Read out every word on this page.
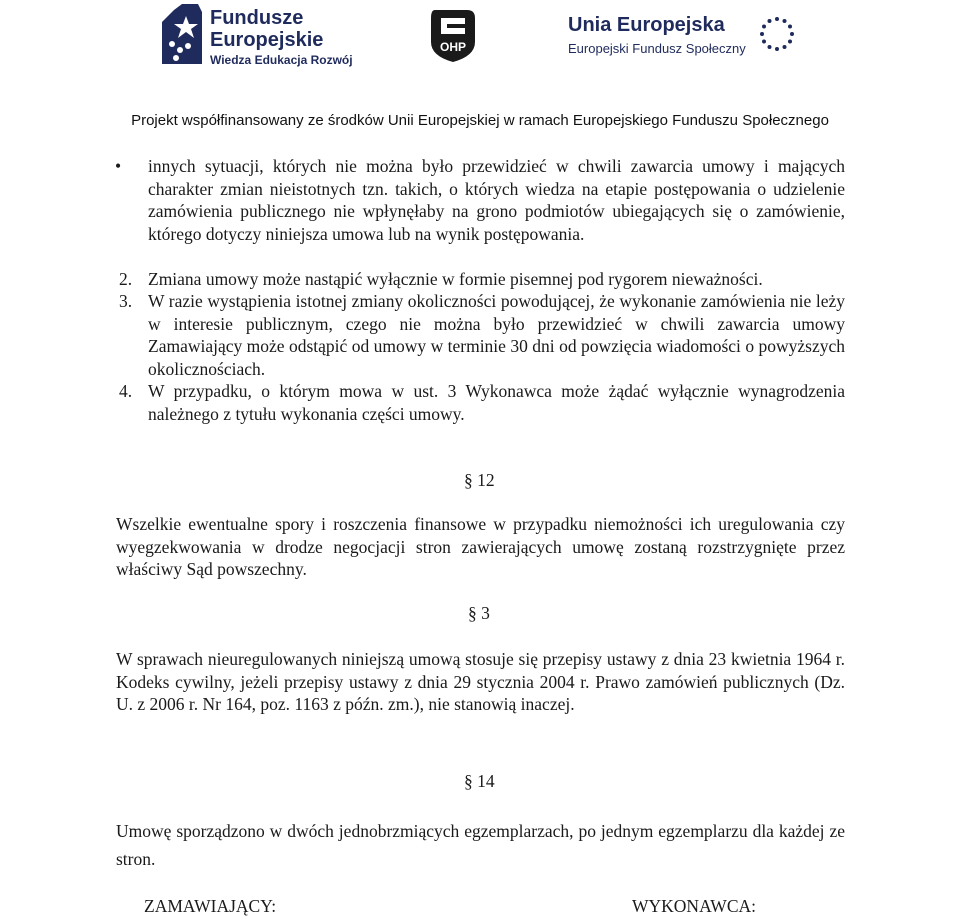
Fundusze
Europejskie
Wiedza Edukacja Rozwój
OHP
Unia Europejska
Europejski Fundusz Społeczny
Projekt współfinansowany ze środków Unii Europejskiej w ramach Europejskiego Funduszu Społecznego
•	innych sytuacji, których nie można było przewidzieć w chwili zawarcia umowy i mających charakter zmian nieistotnych tzn. takich, o których wiedza na etapie postępowania o udzielenie zamówienia publicznego nie wpłynęłaby na grono podmiotów ubiegających się o zamówienie, którego dotyczy niniejsza umowa lub na wynik postępowania.
2. Zmiana umowy może nastąpić wyłącznie w formie pisemnej pod rygorem nieważności.
3. W razie wystąpienia istotnej zmiany okoliczności powodującej, że wykonanie zamówienia nie leży w interesie publicznym, czego nie można było przewidzieć w chwili zawarcia umowy Zamawiający może odstąpić od umowy w terminie 30 dni od powzięcia wiadomości o powyższych okolicznościach.
4. W przypadku, o którym mowa w ust. 3 Wykonawca może żądać wyłącznie wynagrodzenia należnego z tytułu wykonania części umowy.
§ 12
Wszelkie ewentualne spory i roszczenia finansowe w przypadku niemożności ich uregulowania czy wyegzekwowania w drodze negocjacji stron zawierających umowę zostaną rozstrzygnięte przez właściwy Sąd powszechny.
§ 3
W sprawach nieuregulowanych niniejszą umową stosuje się przepisy ustawy z dnia 23 kwietnia 1964 r. Kodeks cywilny, jeżeli przepisy ustawy z dnia 29 stycznia 2004 r. Prawo zamówień publicznych (Dz. U. z 2006 r. Nr 164, poz. 1163 z późn. zm.), nie stanowią inaczej.
§ 14
Umowę sporządzono w dwóch jednobrzmiących egzemplarzach, po jednym egzemplarzu dla każdej ze stron.
ZAMAWIAJĄCY:	WYKONAWCA:
